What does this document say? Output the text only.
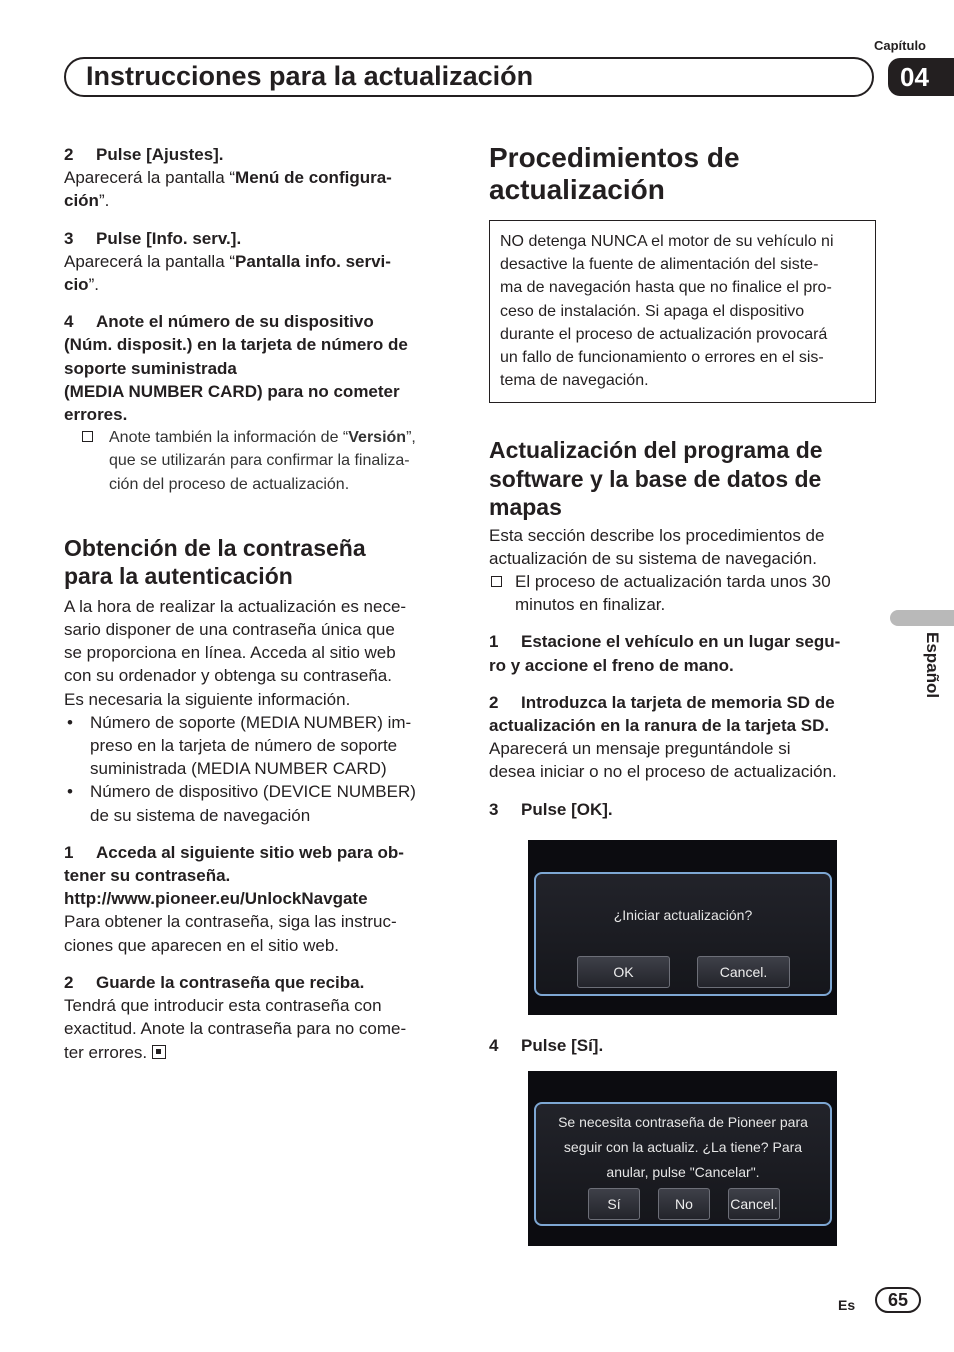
Capítulo
04
Instrucciones para la actualización

2 Pulse [Ajustes].

Aparecerá la pantalla “Menú de configura-
ción”.

3 Pulse [Info. serv.].

Aparecerá la pantalla “Pantalla info. servi-
cio”.

4 Anote el número de su dispositivo
(Núm. disposit.) en la tarjeta de número de
soporte suministrada
(MEDIA NUMBER CARD) para no cometer
errores.

Anote también la información de “Versión”,
que se utilizarán para confirmar la finaliza-
ción del proceso de actualización.

Obtención de la contraseña
para la autenticación

A la hora de realizar la actualización es nece-
sario disponer de una contraseña única que
se proporciona en línea. Acceda al sitio web
con su ordenador y obtenga su contraseña.
Es necesaria la siguiente información.

• Número de soporte (MEDIA NUMBER) im-
preso en la tarjeta de número de soporte
suministrada (MEDIA NUMBER CARD)

• Número de dispositivo (DEVICE NUMBER)
de su sistema de navegación

1 Acceda al siguiente sitio web para ob-
tener su contraseña.

http://www.pioneer.eu/UnlockNavgate

Para obtener la contraseña, siga las instruc-
ciones que aparecen en el sitio web.

2 Guarde la contraseña que reciba.

Tendrá que introducir esta contraseña con
exactitud. Anote la contraseña para no come-
ter errores.

Procedimientos de
actualización
NO detenga NUNCA el motor de su vehículo ni
desactive la fuente de alimentación del siste-
ma de navegación hasta que no finalice el pro-
ceso de instalación. Si apaga el dispositivo
durante el proceso de actualización provocará
un fallo de funcionamiento o errores en el sis-
tema de navegación.

Actualización del programa de
software y la base de datos de
mapas

Esta sección describe los procedimientos de
actualización de su sistema de navegación.

El proceso de actualización tarda unos 30
minutos en finalizar.

1 Estacione el vehículo en un lugar segu-
ro y accione el freno de mano.

2 Introduzca la tarjeta de memoria SD de
actualización en la ranura de la tarjeta SD.

Aparecerá un mensaje preguntándole si
desea iniciar o no el proceso de actualización.

3 Pulse [OK].

¿Iniciar actualización?
OK	Cancel.
4 Pulse [Sí].
Se necesita contraseña de Pioneer para
seguir con la actualiz. ¿La tiene? Para
anular, pulse "Cancelar".
Sí	No	Cancel.
Español
Es	65
